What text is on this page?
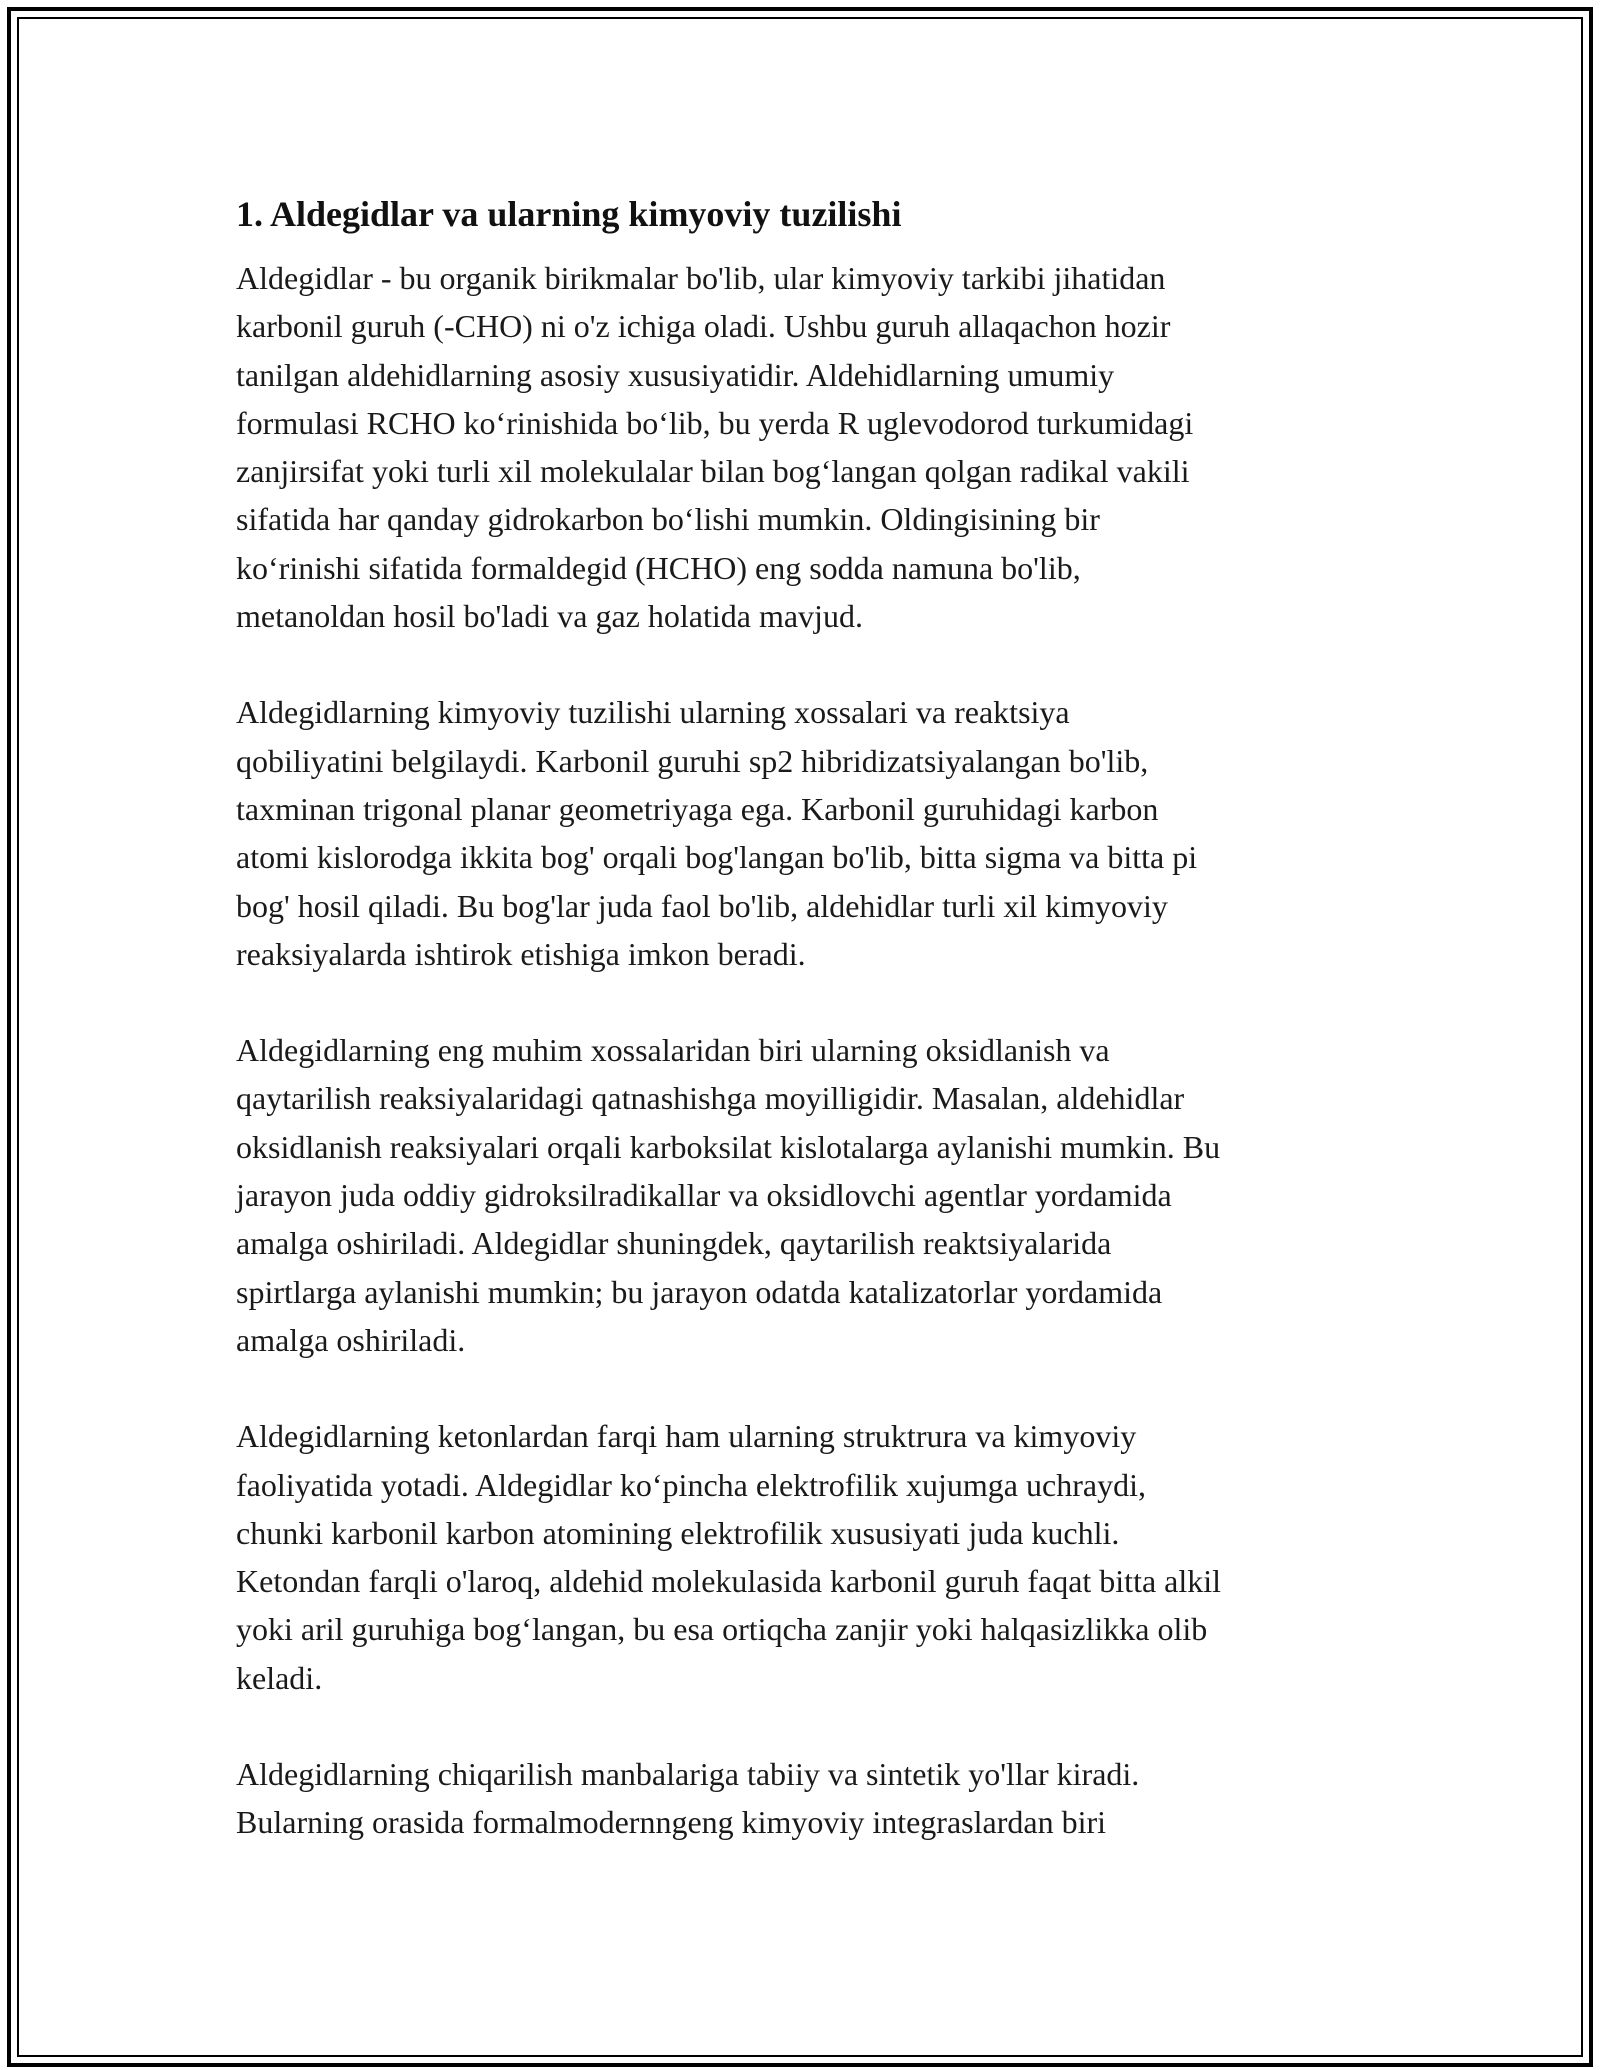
1. Aldegidlar va ularning kimyoviy tuzilishi
Aldegidlar - bu organik birikmalar bo'lib, ular kimyoviy tarkibi jihatidan
karbonil guruh (-CHO) ni o'z ichiga oladi. Ushbu guruh allaqachon hozir
tanilgan aldehidlarning asosiy xususiyatidir. Aldehidlarning umumiy
formulasi RCHO ko‘rinishida bo‘lib, bu yerda R uglevodorod turkumidagi
zanjirsifat yoki turli xil molekulalar bilan bog‘langan qolgan radikal vakili
sifatida har qanday gidrokarbon bo‘lishi mumkin. Oldingisining bir
ko‘rinishi sifatida formaldegid (HCHO) eng sodda namuna bo'lib,
metanoldan hosil bo'ladi va gaz holatida mavjud.
Aldegidlarning kimyoviy tuzilishi ularning xossalari va reaktsiya
qobiliyatini belgilaydi. Karbonil guruhi sp2 hibridizatsiyalangan bo'lib,
taxminan trigonal planar geometriyaga ega. Karbonil guruhidagi karbon
atomi kislorodga ikkita bog' orqali bog'langan bo'lib, bitta sigma va bitta pi
bog' hosil qiladi. Bu bog'lar juda faol bo'lib, aldehidlar turli xil kimyoviy
reaksiyalarda ishtirok etishiga imkon beradi.
Aldegidlarning eng muhim xossalaridan biri ularning oksidlanish va
qaytarilish reaksiyalaridagi qatnashishga moyilligidir. Masalan, aldehidlar
oksidlanish reaksiyalari orqali karboksilat kislotalarga aylanishi mumkin. Bu
jarayon juda oddiy gidroksilradikallar va oksidlovchi agentlar yordamida
amalga oshiriladi. Aldegidlar shuningdek, qaytarilish reaktsiyalarida
spirtlarga aylanishi mumkin; bu jarayon odatda katalizatorlar yordamida
amalga oshiriladi.
Aldegidlarning ketonlardan farqi ham ularning struktrura va kimyoviy
faoliyatida yotadi. Aldegidlar ko‘pincha elektrofilik xujumga uchraydi,
chunki karbonil karbon atomining elektrofilik xususiyati juda kuchli.
Ketondan farqli o'laroq, aldehid molekulasida karbonil guruh faqat bitta alkil
yoki aril guruhiga bog‘langan, bu esa ortiqcha zanjir yoki halqasizlikka olib
keladi.
Aldegidlarning chiqarilish manbalariga tabiiy va sintetik yo'llar kiradi.
Bularning orasida formalmodernngeng kimyoviy integraslardan biri
